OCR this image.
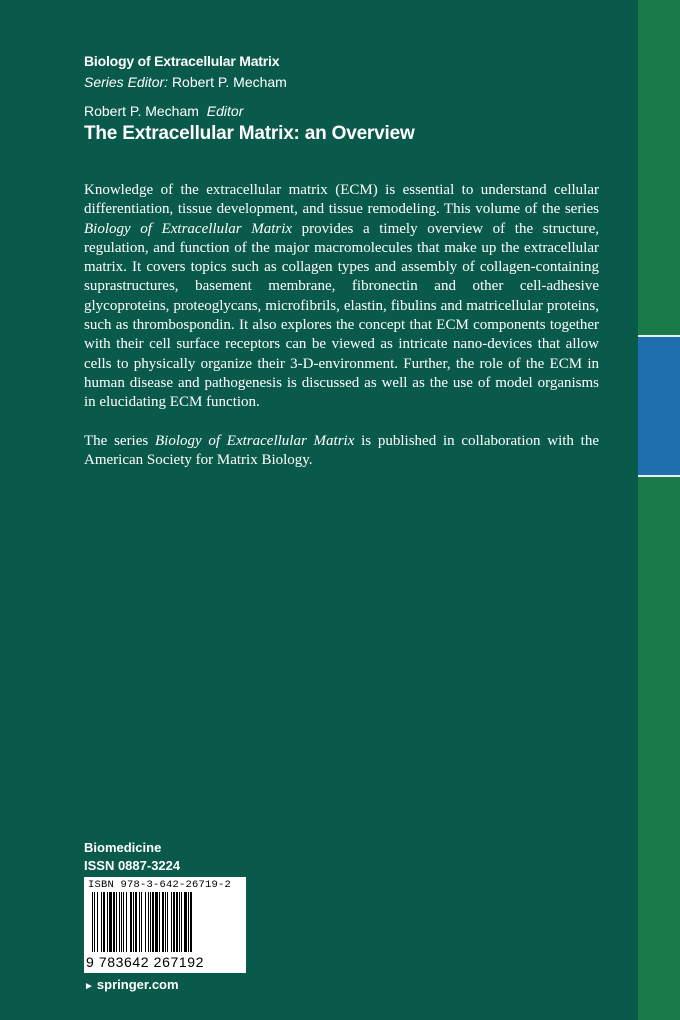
Biology of Extracellular Matrix
Series Editor: Robert P. Mecham
Robert P. Mecham Editor
The Extracellular Matrix: an Overview

Knowledge of the extracellular matrix (ECM) is essential to understand cellular differentiation, tissue development, and tissue remodeling. This volume of the series Biology of Extracellular Matrix provides a timely overview of the structure, regulation, and function of the major macromolecules that make up the extracellular matrix. It covers topics such as collagen types and assembly of collagen-containing suprastructures, basement membrane, fibronectin and other cell-adhesive glycoproteins, proteoglycans, microfibrils, elastin, fibulins and matricellular proteins, such as thrombospondin. It also explores the concept that ECM components together with their cell surface receptors can be viewed as intricate nano-devices that allow cells to physically organize their 3-D-environment. Further, the role of the ECM in human disease and pathogenesis is discussed as well as the use of model organisms in elucidating ECM function.

The series Biology of Extracellular Matrix is published in collaboration with the American Society for Matrix Biology.

Biomedicine
ISSN 0887-3224
ISBN 978-3-642-26719-2
9 783642 267192
► springer.com
